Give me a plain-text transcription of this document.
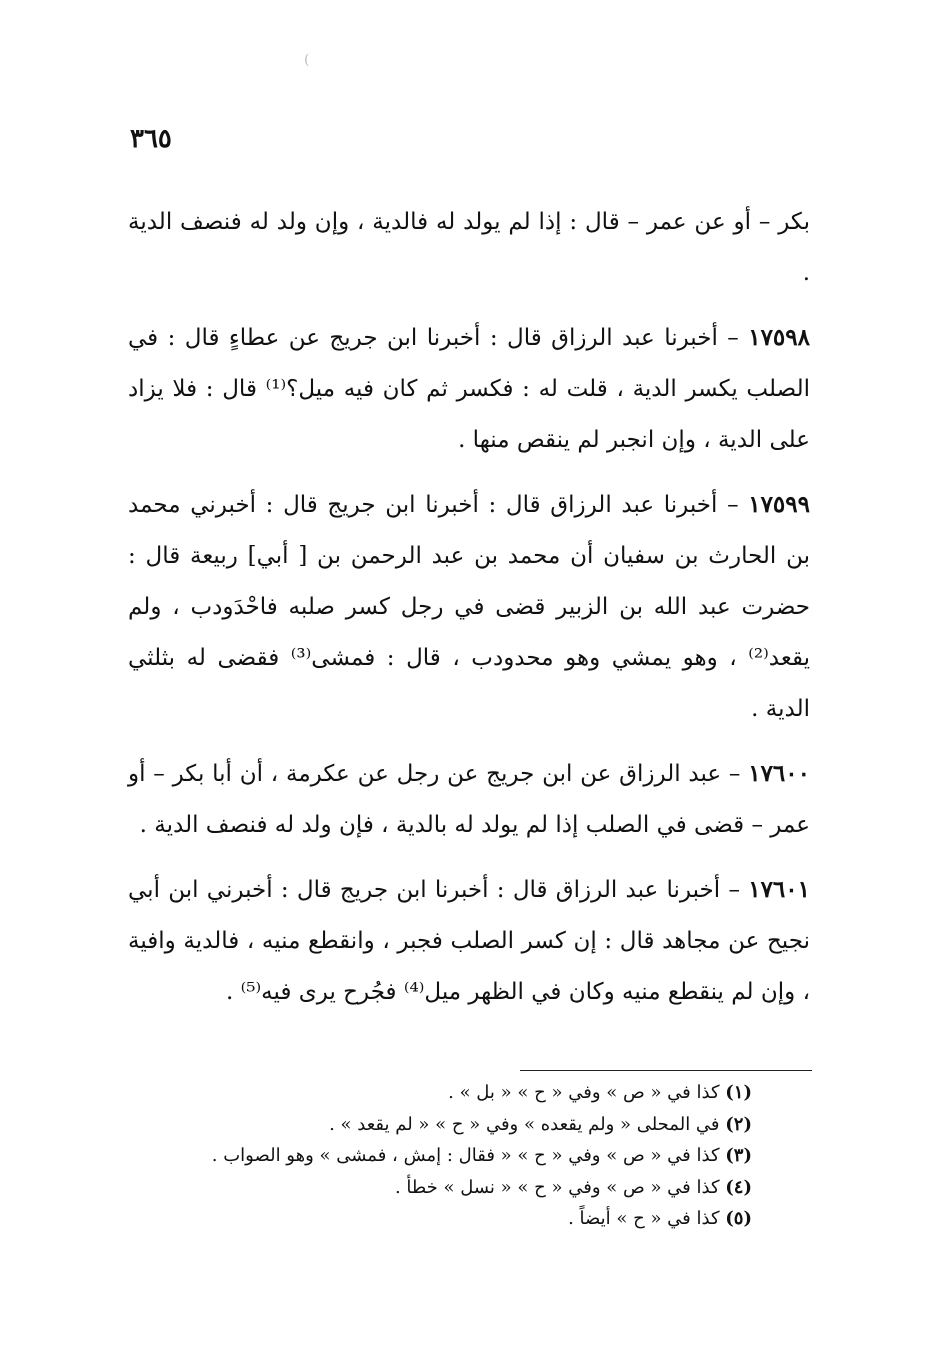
(
٣٦٥

بكر – أو عن عمر – قال : إذا لم يولد له فالدية ، وإن ولد له فنصف الدية .

١٧٥٩٨ – أخبرنا عبد الرزاق قال : أخبرنا ابن جريج عن عطاءٍ قال : في الصلب يكسر الدية ، قلت له : فكسر ثم كان فيه ميل؟⁽¹⁾ قال : فلا يزاد على الدية ، وإن انجبر لم ينقص منها .

١٧٥٩٩ – أخبرنا عبد الرزاق قال : أخبرنا ابن جريج قال : أخبرني محمد بن الحارث بن سفيان أن محمد بن عبد الرحمن بن [ أبي] ربيعة قال : حضرت عبد الله بن الزبير قضى في رجل كسر صلبه فاحْدَودب ، ولم يقعد⁽²⁾ ، وهو يمشي وهو محدودب ، قال : فمشى⁽³⁾ فقضى له بثلثي الدية .

١٧٦٠٠ – عبد الرزاق عن ابن جريج عن رجل عن عكرمة ، أن أبا بكر – أو عمر – قضى في الصلب إذا لم يولد له بالدية ، فإن ولد له فنصف الدية .

١٧٦٠١ – أخبرنا عبد الرزاق قال : أخبرنا ابن جريج قال : أخبرني ابن أبي نجيح عن مجاهد قال : إن كسر الصلب فجبر ، وانقطع منيه ، فالدية وافية ، وإن لم ينقطع منيه وكان في الظهر ميل⁽⁴⁾ فجُرح يرى فيه⁽⁵⁾ .

(١) كذا في « ص » وفي « ح » « بل » .
(٢) في المحلى « ولم يقعده » وفي « ح » « لم يقعد » .
(٣) كذا في « ص » وفي « ح » « فقال : إمش ، فمشى » وهو الصواب .
(٤) كذا في « ص » وفي « ح » « نسل » خطأ .
(٥) كذا في « ح » أيضاً .
